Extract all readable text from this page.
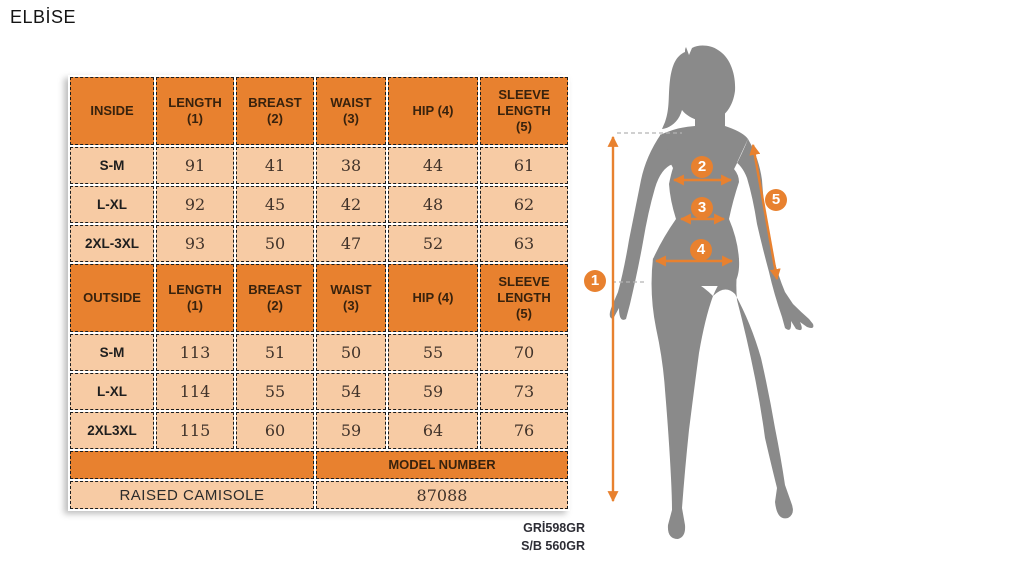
ELBİSE
INSIDE	LENGTH (1)	BREAST (2)	WAIST (3)	HIP (4)	SLEEVE LENGTH (5)
S-M	91	41	38	44	61
L-XL	92	45	42	48	62
2XL-3XL	93	50	47	52	63
OUTSIDE	LENGTH (1)	BREAST (2)	WAIST (3)	HIP (4)	SLEEVE LENGTH (5)
S-M	113	51	50	55	70
L-XL	114	55	54	59	73
2XL3XL	115	60	59	64	76
			MODEL NUMBER		
RAISED CAMISOLE			87088		
1
2
3
4
5
GRİ598GR
S/B 560GR
